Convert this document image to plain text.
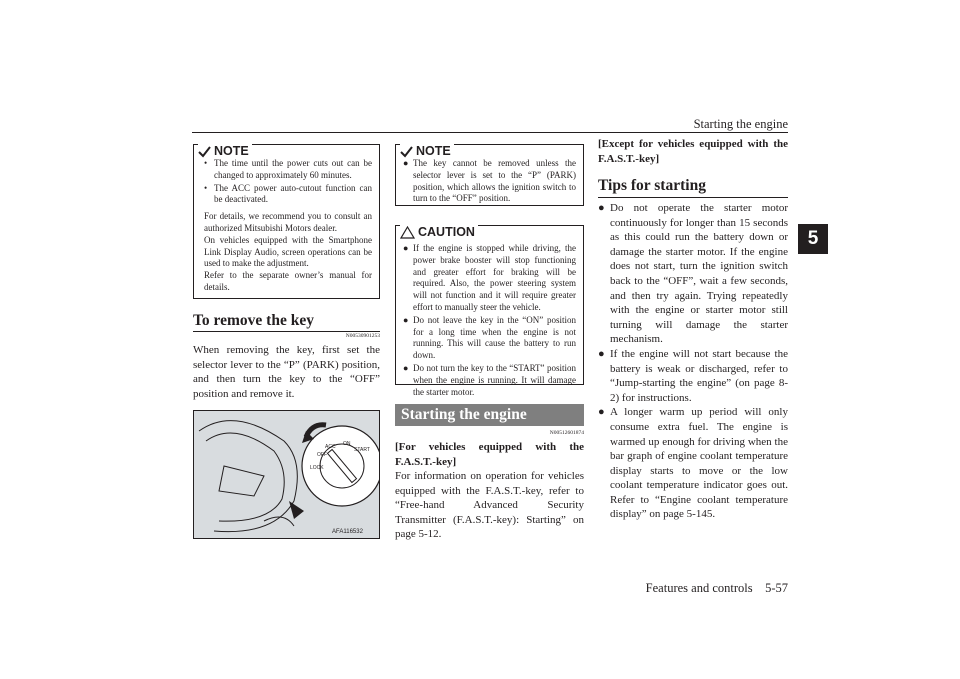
Starting the engine
5
NOTE
• The time until the power cuts out can be changed to approximately 60 minutes.
• The ACC power auto-cutout function can be deactivated.

For details, we recommend you to consult an authorized Mitsubishi Motors dealer.

On vehicles equipped with the Smartphone Link Display Audio, screen operations can be used to make the adjustment.

Refer to the separate owner’s manual for details.

To remove the key
N00530901253
When removing the key, first set the selector lever to the “P” (PARK) position, and then turn the key to the “OFF” position and remove it.
OFF
ACC ON
START
LOCK
AFA116532
NOTE
● The key cannot be removed unless the selector lever is set to the “P” (PARK) position, which allows the ignition switch to turn to the “OFF” position.
CAUTION
● If the engine is stopped while driving, the power brake booster will stop functioning and greater effort for braking will be required. Also, the power steering system will not function and it will require greater effort to manually steer the vehicle.
● Do not leave the key in the “ON” position for a long time when the engine is not running. This will cause the battery to run down.
● Do not turn the key to the “START” position when the engine is running. It will damage the starter motor.
Starting the engine
N00512601874
[For vehicles equipped with the F.A.S.T.-key]
For information on operation for vehicles equipped with the F.A.S.T.-key, refer to “Free-hand Advanced Security Transmitter (F.A.S.T.-key): Starting” on page 5-12.
[Except for vehicles equipped with the F.A.S.T.-key]
Tips for starting
● Do not operate the starter motor continuously for longer than 15 seconds as this could run the battery down or damage the starter motor. If the engine does not start, turn the ignition switch back to the “OFF”, wait a few seconds, and then try again. Trying repeatedly with the engine or starter motor still turning will damage the starter mechanism.
● If the engine will not start because the battery is weak or discharged, refer to “Jump-starting the engine” (on page 8-2) for instructions.
● A longer warm up period will only consume extra fuel. The engine is warmed up enough for driving when the bar graph of engine coolant temperature display starts to move or the low coolant temperature indicator goes out. Refer to “Engine coolant temperature display” on page 5-145.
Features and controls    5-57
